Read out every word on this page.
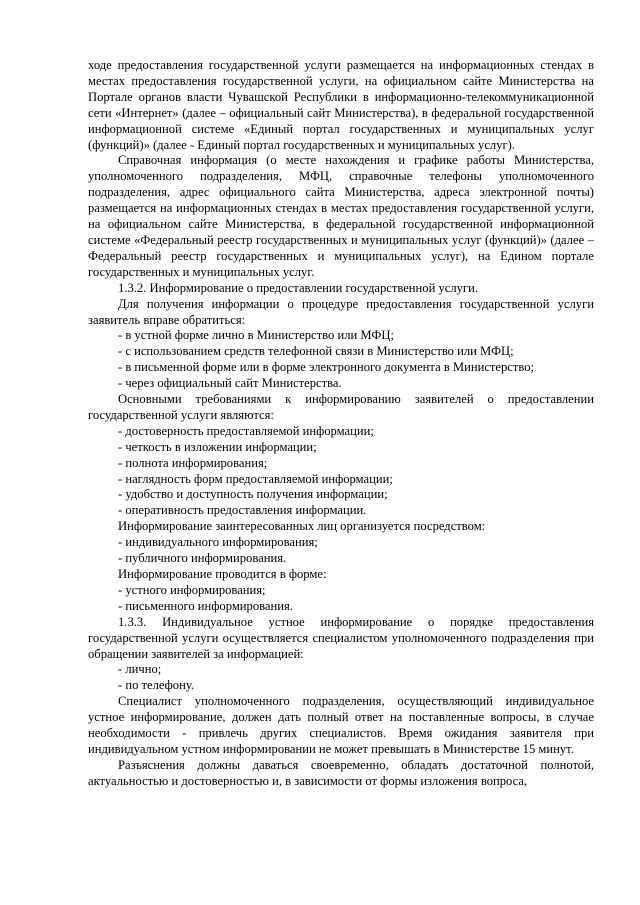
ходе предоставления государственной услуги размещается на информационных стендах в местах предоставления государственной услуги, на официальном сайте Министерства на Портале органов власти Чувашской Республики в информационно-телекоммуникационной сети «Интернет» (далее – официальный сайт Министерства), в федеральной государственной информационной системе «Единый портал государственных и муниципальных услуг (функций)» (далее - Единый портал государственных и муниципальных услуг).

Справочная информация (о месте нахождения и графике работы Министерства, уполномоченного подразделения, МФЦ, справочные телефоны уполномоченного подразделения, адрес официального сайта Министерства, адреса электронной почты) размещается на информационных стендах в местах предоставления государственной услуги, на официальном сайте Министерства, в федеральной государственной информационной системе «Федеральный реестр государственных и муниципальных услуг (функций)» (далее – Федеральный реестр государственных и муниципальных услуг), на Едином портале государственных и муниципальных услуг.

1.3.2. Информирование о предоставлении государственной услуги.

Для получения информации о процедуре предоставления государственной услуги заявитель вправе обратиться:

- в устной форме лично в Министерство или МФЦ;

- с использованием средств телефонной связи в Министерство или МФЦ;

- в письменной форме или в форме электронного документа в Министерство;

- через официальный сайт Министерства.

Основными требованиями к информированию заявителей о предоставлении государственной услуги являются:

- достоверность предоставляемой информации;

- четкость в изложении информации;

- полнота информирования;

- наглядность форм предоставляемой информации;

- удобство и доступность получения информации;

- оперативность предоставления информации.

Информирование заинтересованных лиц организуется посредством:

- индивидуального информирования;

- публичного информирования.

Информирование проводится в форме:

- устного информирования;

- письменного информирования.

1.3.3. Индивидуальное устное информирование о порядке предоставления государственной услуги осуществляется специалистом уполномоченного подразделения при обращении заявителей за информацией:

- лично;

- по телефону.

Специалист уполномоченного подразделения, осуществляющий индивидуальное устное информирование, должен дать полный ответ на поставленные вопросы, в случае необходимости - привлечь других специалистов. Время ожидания заявителя при индивидуальном устном информировании не может превышать в Министерстве 15 минут.

Разъяснения должны даваться своевременно, обладать достаточной полнотой, актуальностью и достоверностью и, в зависимости от формы изложения вопроса,
